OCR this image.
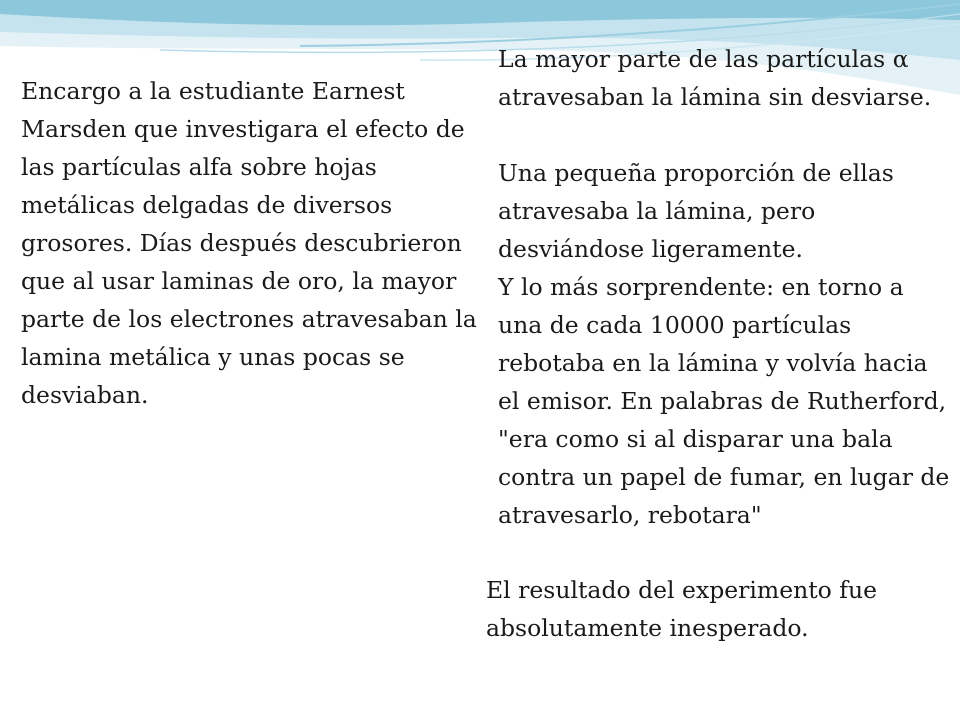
Encargo a la estudiante Earnest Marsden que investigara el efecto de las partículas alfa sobre hojas metálicas delgadas de diversos grosores. Días después descubrieron que al usar laminas de oro, la mayor parte de los electrones atravesaban la lamina metálica y unas pocas se desviaban.

La mayor parte de las partículas α atravesaban la lámina sin desviarse.

Una pequeña proporción de ellas atravesaba la lámina, pero desviándose ligeramente.

Y lo más sorprendente: en torno a una de cada 10000 partículas rebotaba en la lámina y volvía hacia el emisor. En palabras de Rutherford, "era como si al disparar una bala contra un papel de fumar, en lugar de atravesarlo, rebotara"

El resultado del experimento fue absolutamente inesperado.
